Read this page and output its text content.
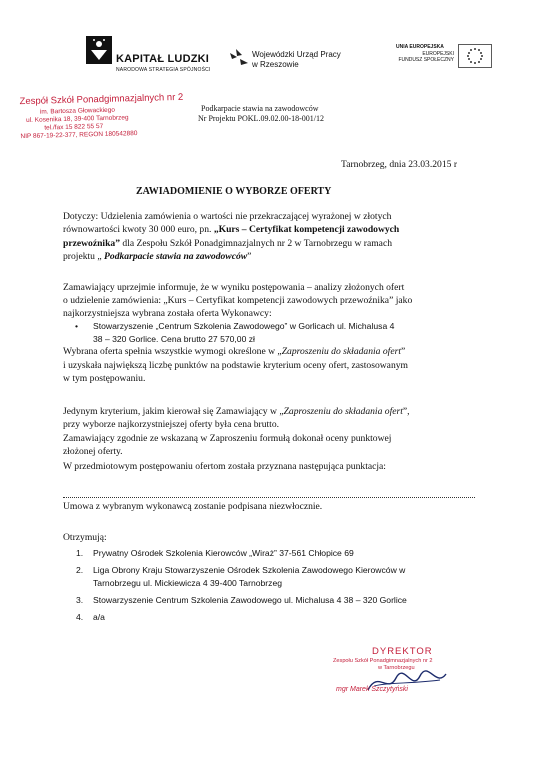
KAPITAŁ LUDZKI
NARODOWA STRATEGIA SPÓJNOŚCI
Wojewódzki Urząd Pracy
w Rzeszowie
UNIA EUROPEJSKA
EUROPEJSKI
FUNDUSZ SPOŁECZNY
Zespół Szkół Ponadgimnazjalnych nr 2
im. Bartosza Głowackiego
ul. Kosenika 18, 39-400 Tarnobrzeg
tel./fax 15 822 55 57
NIP 867-19-22-377, REGON 180542880
Podkarpacie stawia na zawodowców
Nr Projektu POKL.09.02.00-18-001/12
Tarnobrzeg, dnia 23.03.2015 r
ZAWIADOMIENIE O WYBORZE OFERTY
Dotyczy: Udzielenia zamówienia o wartości nie przekraczającej wyrażonej w złotych
równowartości kwoty 30 000 euro, pn. „Kurs – Certyfikat kompetencji zawodowych
przewoźnika” dla Zespołu Szkół Ponadgimnazjalnych nr 2 w Tarnobrzegu w ramach
projektu „ Podkarpacie stawia na zawodowców”
Zamawiający uprzejmie informuje, że w wyniku postępowania – analizy złożonych ofert
o udzielenie zamówienia: „Kurs – Certyfikat kompetencji zawodowych przewoźnika” jako
najkorzystniejsza wybrana została oferta Wykonawcy:
• Stowarzyszenie „Centrum Szkolenia Zawodowego” w Gorlicach ul. Michalusa 4
38 – 320 Gorlice. Cena brutto 27 570,00 zł
Wybrana oferta spełnia wszystkie wymogi określone w „Zaproszeniu do składania ofert”
i uzyskała największą liczbę punktów na podstawie kryterium oceny ofert, zastosowanym
w tym postępowaniu.
Jedynym kryterium, jakim kierował się Zamawiający w „Zaproszeniu do składania ofert”,
przy wyborze najkorzystniejszej oferty była cena brutto.
Zamawiający zgodnie ze wskazaną w Zaproszeniu formułą dokonał oceny punktowej
złożonej oferty.
W przedmiotowym postępowaniu ofertom została przyznana następująca punktacja:
Umowa z wybranym wykonawcą zostanie podpisana niezwłocznie.
Otrzymują:
1. Prywatny Ośrodek Szkolenia Kierowców „Wiraż” 37-561 Chłopice 69
2. Liga Obrony Kraju Stowarzyszenie Ośrodek Szkolenia Zawodowego Kierowców w
Tarnobrzegu ul. Mickiewicza 4 39-400 Tarnobrzeg
3. Stowarzyszenie Centrum Szkolenia Zawodowego ul. Michalusa 4 38 – 320 Gorlice
4. a/a
DYREKTOR
Zespołu Szkół Ponadgimnazjalnych nr 2
w Tarnobrzegu
mgr Marek Szczytyński
